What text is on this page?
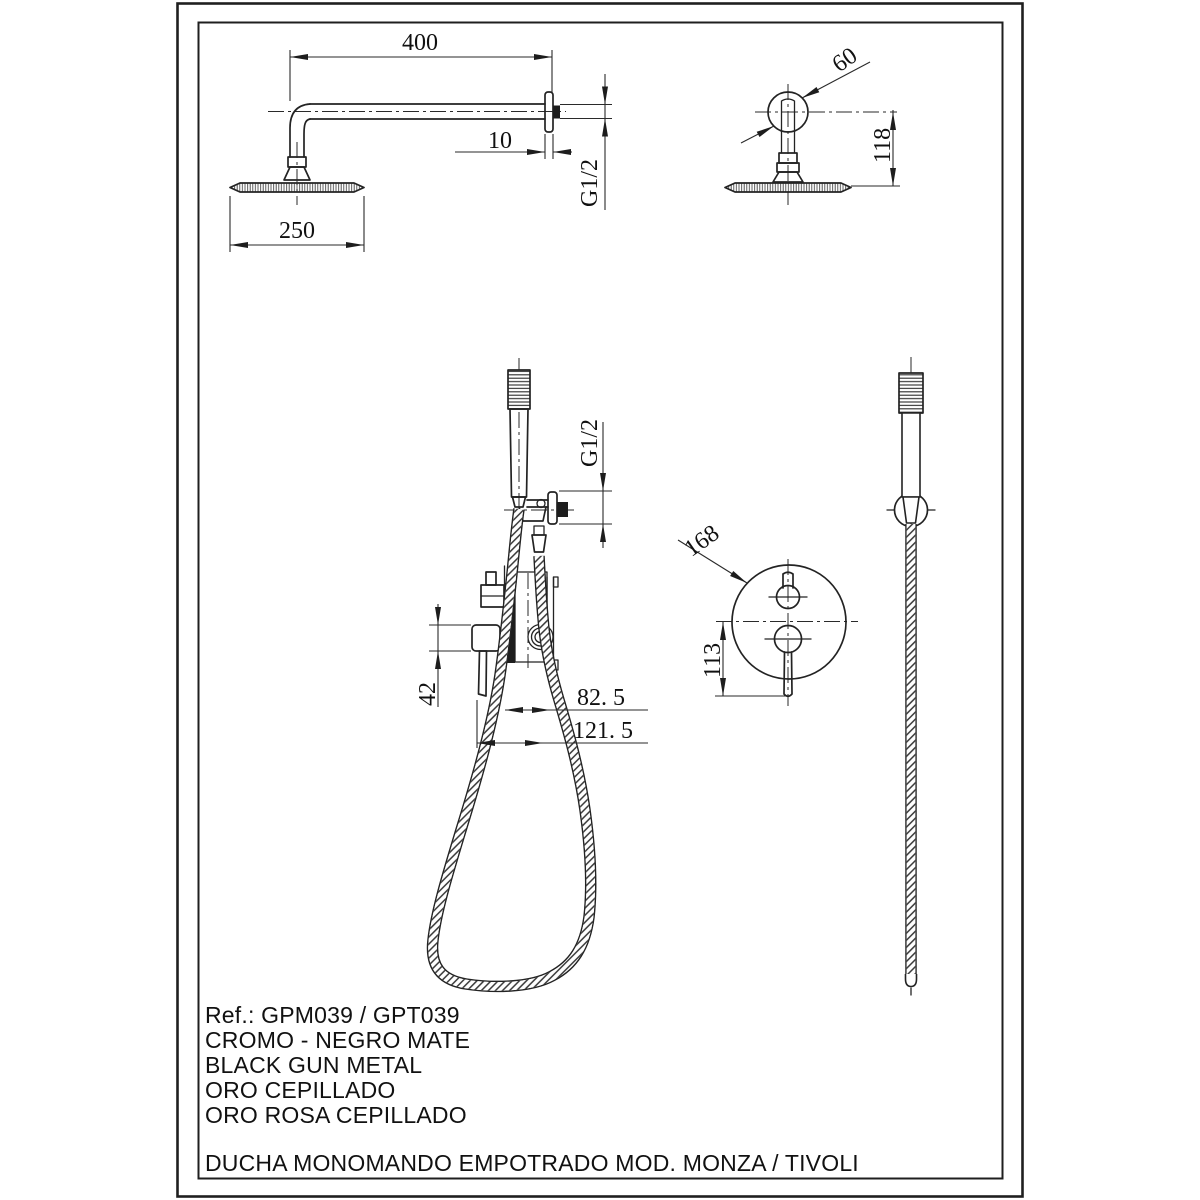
400
250
10
G1/2
60
118
G1/2
42	82. 5
121. 5
168
113
Ref.: GPM039 / GPT039
CROMO - NEGRO MATE
BLACK GUN METAL
ORO CEPILLADO
ORO ROSA CEPILLADO
DUCHA MONOMANDO EMPOTRADO MOD. MONZA / TIVOLI
